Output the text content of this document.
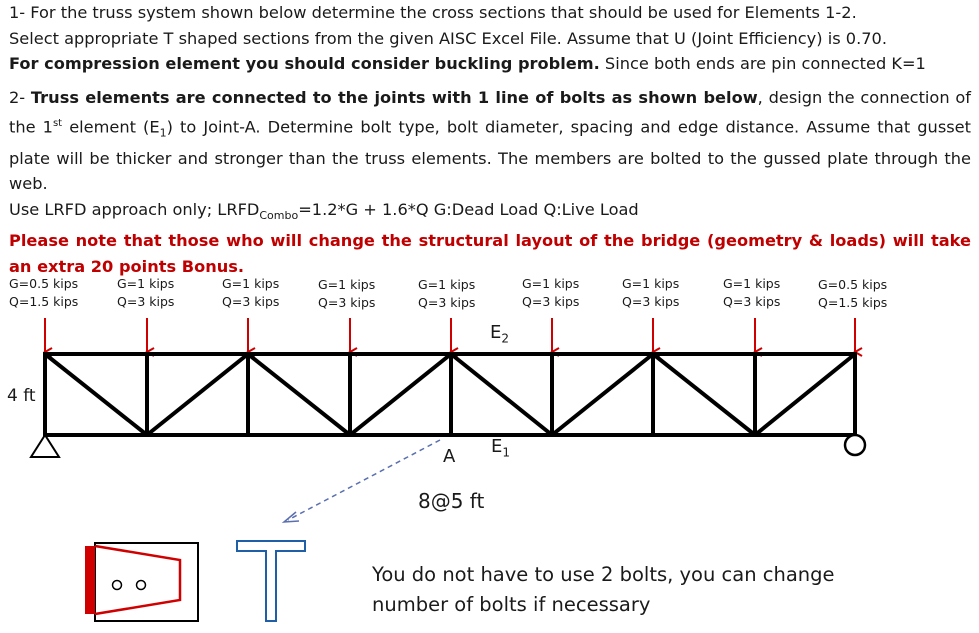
1- For the truss system shown below determine the cross sections that should be used for Elements 1-2.
Select appropriate T shaped sections from the given AISC Excel File. Assume that U (Joint Efficiency) is 0.70.
For compression element you should consider buckling problem. Since both ends are pin connected K=1
2- Truss elements are connected to the joints with 1 line of bolts as shown below, design the connection of the 1st element $(E_1)$ to Joint-A. Determine bolt type, bolt diameter, spacing and edge distance. Assume that gusset plate will be thicker and stronger than the truss elements. The members are bolted to the gussed plate through the web.
Use LRFD approach only; $LRFD_{Combo}=1.2*G + 1.6*Q$ G:Dead Load Q:Live Load
Please note that those who will change the structural layout of the bridge (geometry & loads) will take an extra 20 points Bonus.
G=0.5 kips
Q=1.5 kips
G=1 kips
Q=3 kips
G=1 kips
Q=3 kips
G=1 kips
Q=3 kips
G=1 kips
Q=3 kips
G=1 kips
Q=3 kips
G=1 kips
Q=3 kips
G=1 kips
Q=3 kips
G=0.5 kips
Q=1.5 kips
4 ft
A
$E_2$
$E_1$
8@5 ft
You do not have to use 2 bolts, you can change
number of bolts if necessary
